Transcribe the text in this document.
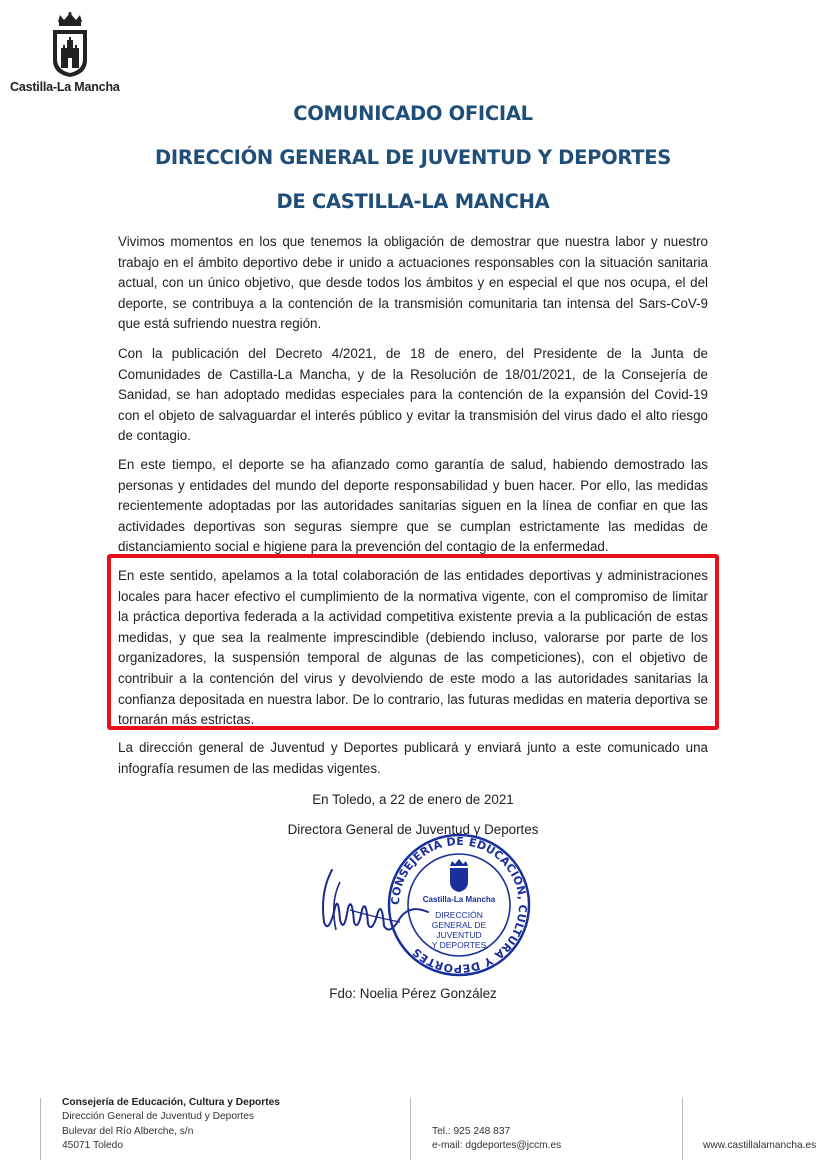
Castilla-La Mancha
COMUNICADO OFICIAL
DIRECCIÓN GENERAL DE JUVENTUD Y DEPORTES
DE CASTILLA-LA MANCHA

Vivimos momentos en los que tenemos la obligación de demostrar que nuestra labor y nuestro trabajo en el ámbito deportivo debe ir unido a actuaciones responsables con la situación sanitaria actual, con un único objetivo, que desde todos los ámbitos y en especial el que nos ocupa, el del deporte, se contribuya a la contención de la transmisión comunitaria tan intensa del Sars-CoV-9 que está sufriendo nuestra región.

Con la publicación del Decreto 4/2021, de 18 de enero, del Presidente de la Junta de Comunidades de Castilla-La Mancha, y de la Resolución de 18/01/2021, de la Consejería de Sanidad, se han adoptado medidas especiales para la contención de la expansión del Covid-19 con el objeto de salvaguardar el interés público y evitar la transmisión del virus dado el alto riesgo de contagio.

En este tiempo, el deporte se ha afianzado como garantía de salud, habiendo demostrado las personas y entidades del mundo del deporte responsabilidad y buen hacer. Por ello, las medidas recientemente adoptadas por las autoridades sanitarias siguen en la línea de confiar en que las actividades deportivas son seguras siempre que se cumplan estrictamente las medidas de distanciamiento social e higiene para la prevención del contagio de la enfermedad.

En este sentido, apelamos a la total colaboración de las entidades deportivas y administraciones locales para hacer efectivo el cumplimiento de la normativa vigente, con el compromiso de limitar la práctica deportiva federada a la actividad competitiva existente previa a la publicación de estas medidas, y que sea la realmente imprescindible (debiendo incluso, valorarse por parte de los organizadores, la suspensión temporal de algunas de las competiciones), con el objetivo de contribuir a la contención del virus y devolviendo de este modo a las autoridades sanitarias la confianza depositada en nuestra labor. De lo contrario, las futuras medidas en materia deportiva se tornarán más estrictas.

La dirección general de Juventud y Deportes publicará y enviará junto a este comunicado una infografía resumen de las medidas vigentes.

En Toledo, a 22 de enero de 2021
Directora General de Juventud y Deportes
CONSEJERÍA DE EDUCACIÓN, CULTURA Y DEPORTES
Castilla-La Mancha
DIRECCIÓN
GENERAL DE
JUVENTUD
Y DEPORTES
Fdo: Noelia Pérez González
Consejería de Educación, Cultura y Deportes
Dirección General de Juventud y Deportes
Bulevar del Río Alberche, s/n
45071 Toledo
Tel.: 925 248 837
e-mail: dgdeportes@jccm.es	www.castillalamancha.es
